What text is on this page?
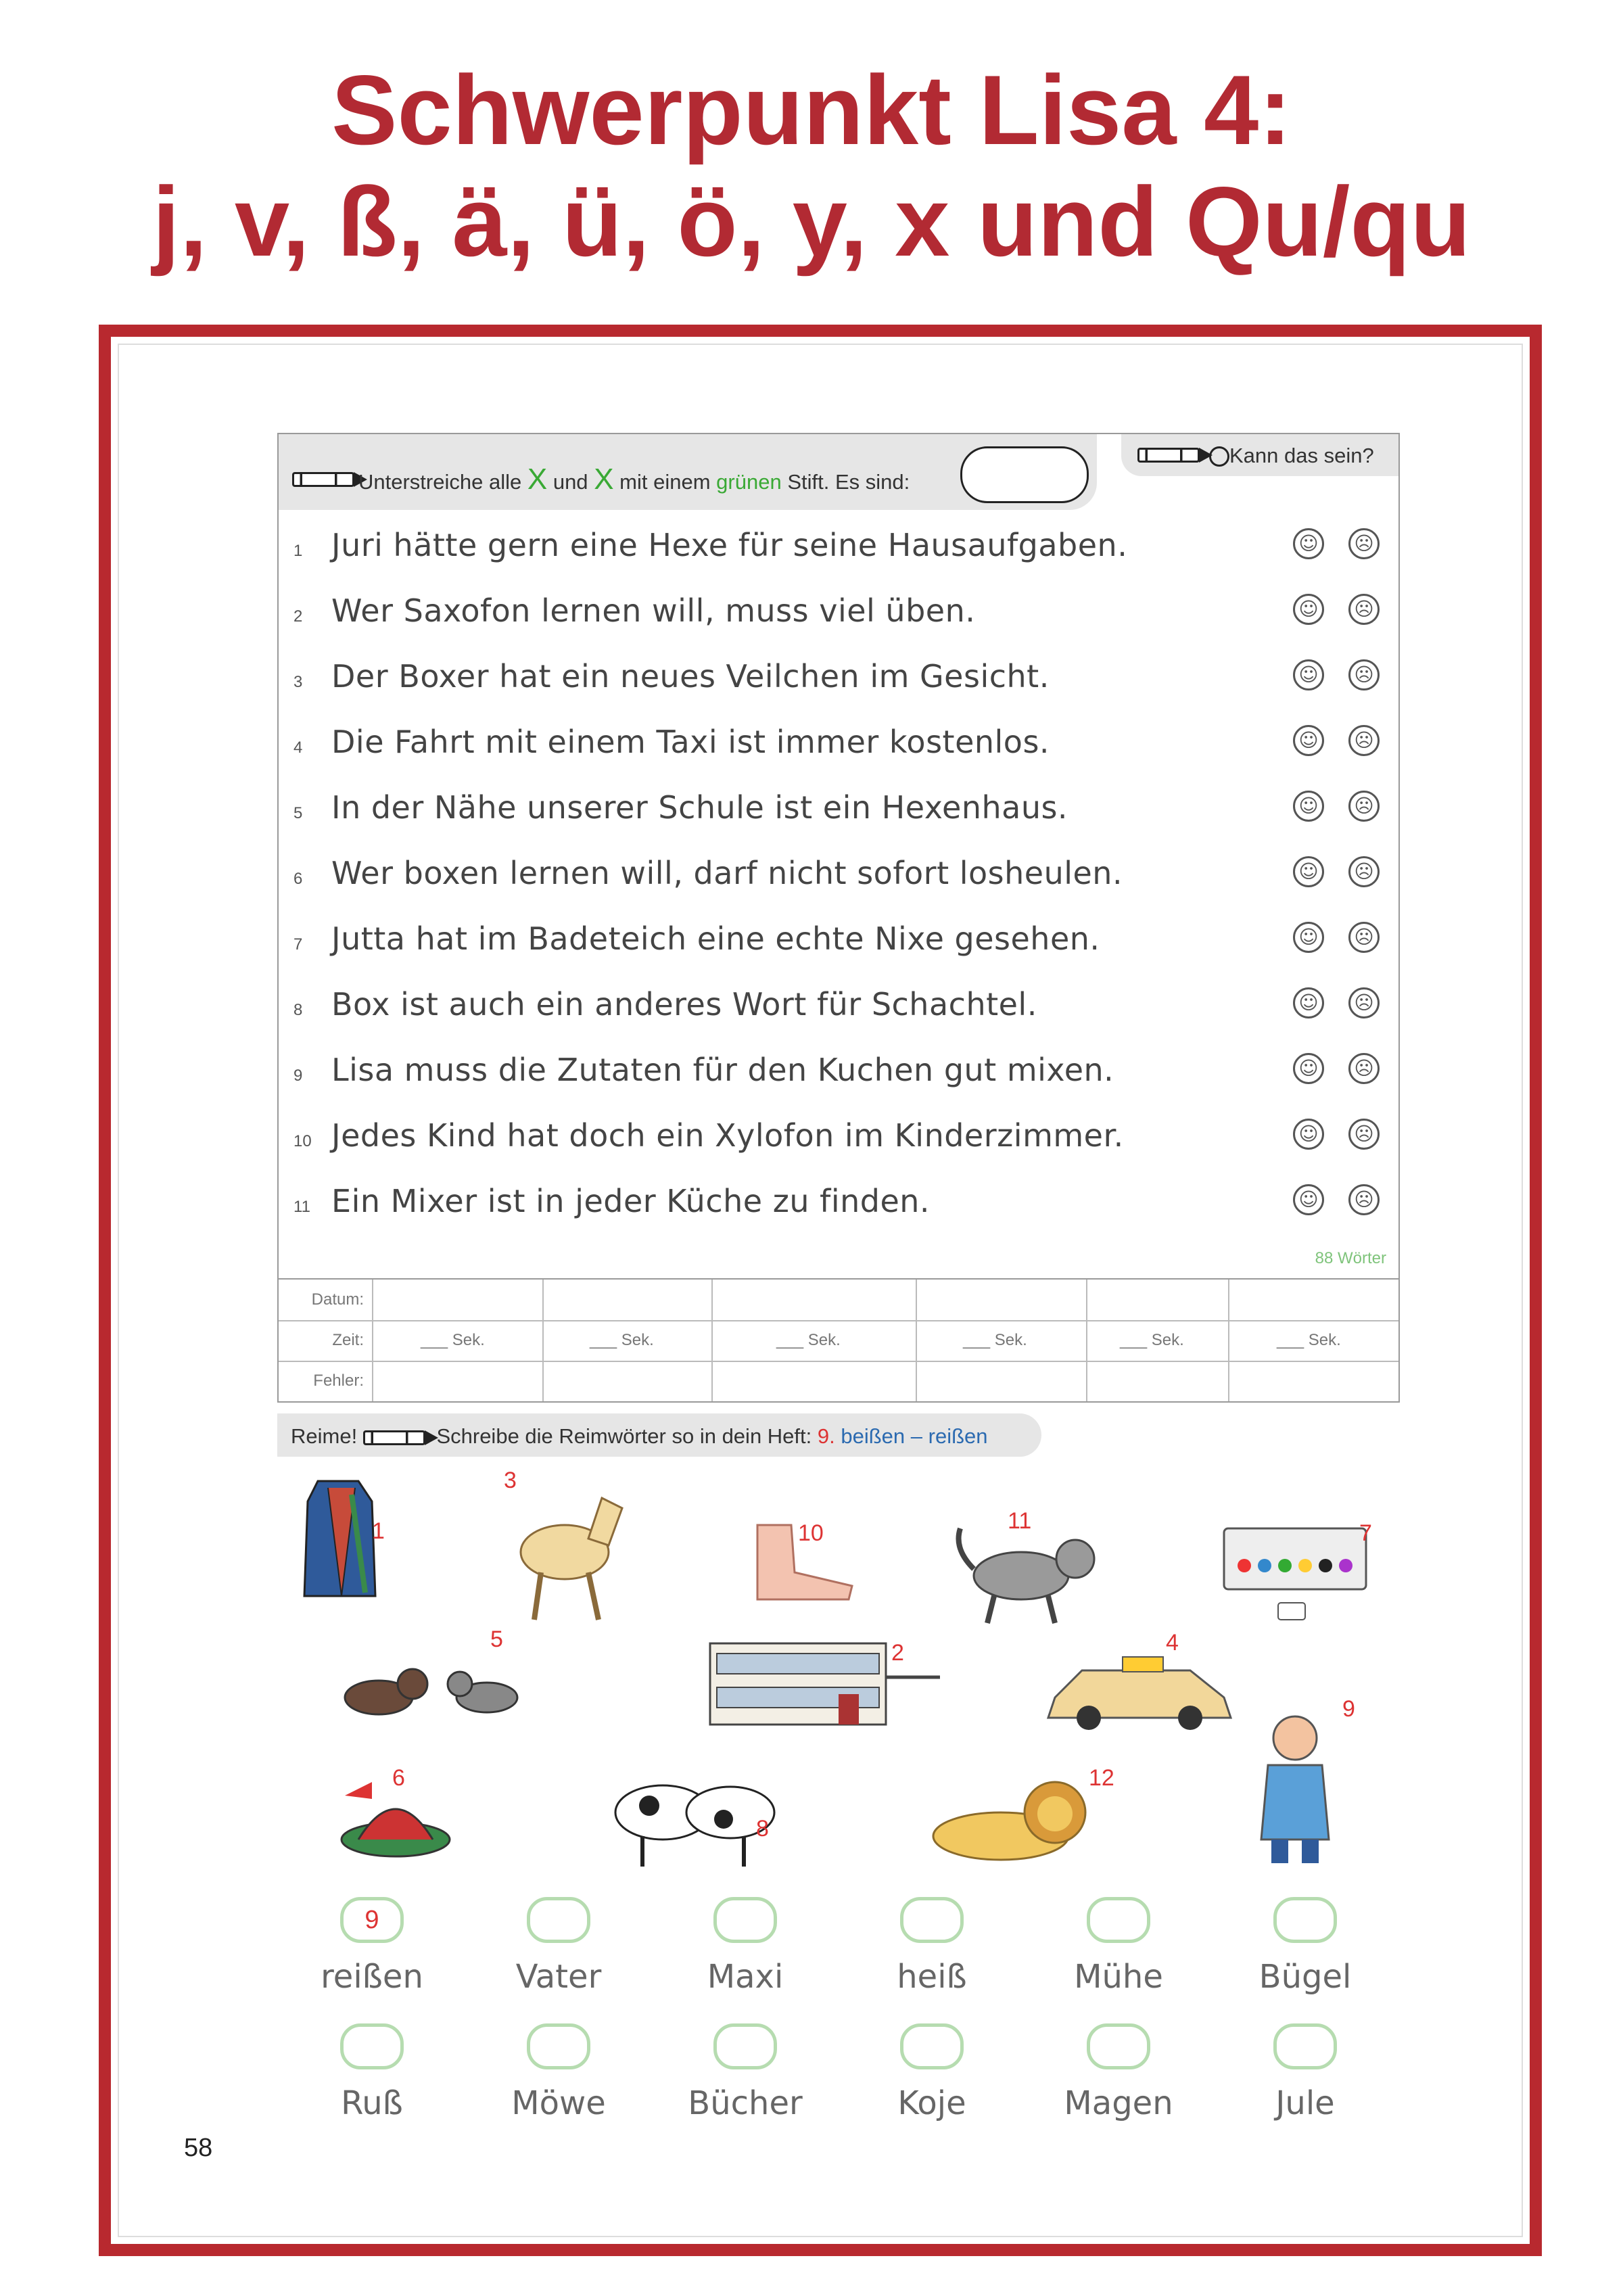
Schwerpunkt Lisa 4:
j, v, ß, ä, ü, ö, y, x und Qu/qu
Unterstreiche alle X und X mit einem grünen Stift. Es sind:
Kann das sein?
1 Juri hätte gern eine Hexe für seine Hausaufgaben.	☺	☹
2 Wer Saxofon lernen will, muss viel üben.	☺	☹
3 Der Boxer hat ein neues Veilchen im Gesicht.	☺	☹
4 Die Fahrt mit einem Taxi ist immer kostenlos.	☺	☹
5 In der Nähe unserer Schule ist ein Hexenhaus.	☺	☹
6 Wer boxen lernen will, darf nicht sofort losheulen.	☺	☹
7 Jutta hat im Badeteich eine echte Nixe gesehen.	☺	☹
8 Box ist auch ein anderes Wort für Schachtel.	☺	☹
9 Lisa muss die Zutaten für den Kuchen gut mixen.	☺	☹
10 Jedes Kind hat doch ein Xylofon im Kinderzimmer.	☺	☹
11 Ein Mixer ist in jeder Küche zu finden.	☺	☹
88 Wörter
Datum:
Zeit:	___ Sek.	___ Sek.	___ Sek.	___ Sek.	___ Sek.	___ Sek.
Fehler:
Reime!	Schreibe die Reimwörter so in dein Heft: 9. beißen – reißen
1
3
10	11	7
5
2	4
9
6
8
12
9
reißen	Vater	Maxi	heiß	Mühe	Bügel
Ruß	Möwe	Bücher	Koje	Magen	Jule
58
